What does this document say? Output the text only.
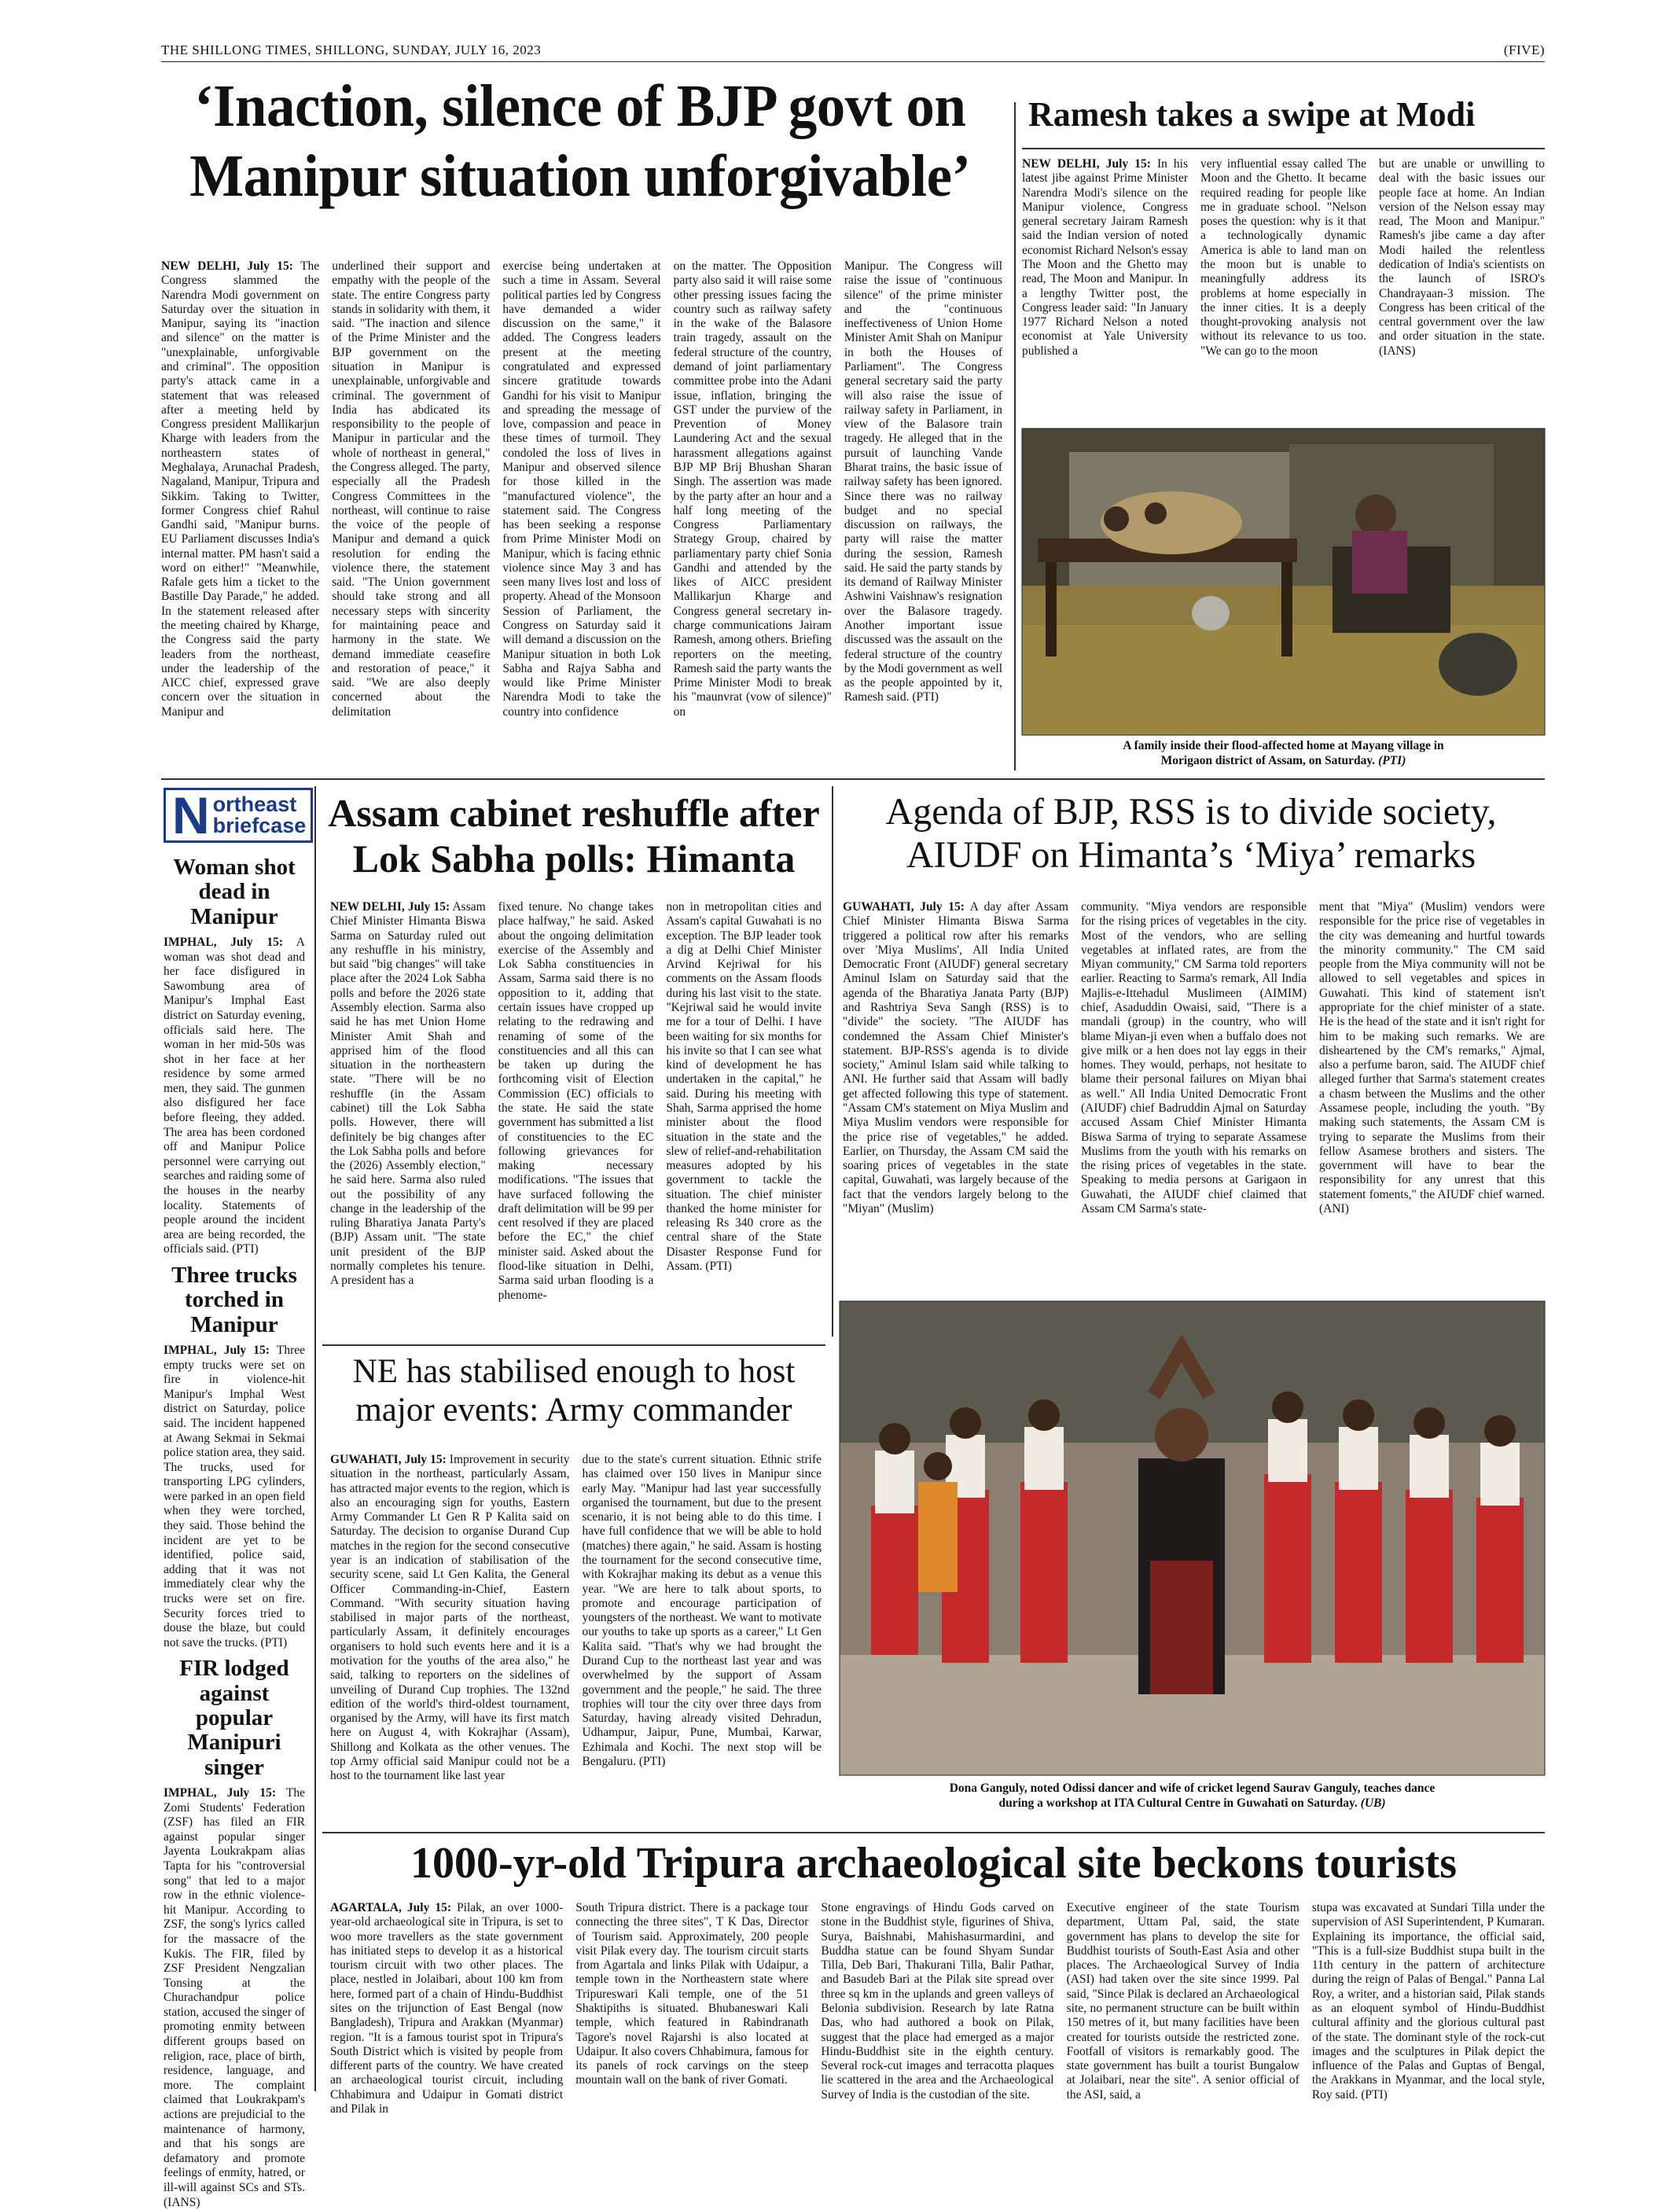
THE SHILLONG TIMES, SHILLONG, SUNDAY, JULY 16, 2023	(FIVE)
‘Inaction, silence of BJP govt on
Manipur situation unforgivable’

NEW DELHI, July 15: The Congress slammed the Narendra Modi government on Saturday over the situation in Manipur, saying its "inaction and silence" on the matter is "unexplainable, unforgivable and criminal". The opposition party's attack came in a statement that was released after a meeting held by Congress president Mallikarjun Kharge with leaders from the northeastern states of Meghalaya, Arunachal Pradesh, Nagaland, Manipur, Tripura and Sikkim. Taking to Twitter, former Congress chief Rahul Gandhi said, "Manipur burns. EU Parliament discusses India's internal matter. PM hasn't said a word on either!" "Meanwhile, Rafale gets him a ticket to the Bastille Day Parade," he added. In the statement released after the meeting chaired by Kharge, the Congress said the party leaders from the northeast, under the leadership of the AICC chief, expressed grave concern over the situation in Manipur and

underlined their support and empathy with the people of the state. The entire Congress party stands in solidarity with them, it said. "The inaction and silence of the Prime Minister and the BJP government on the situation in Manipur is unexplainable, unforgivable and criminal. The government of India has abdicated its responsibility to the people of Manipur in particular and the whole of northeast in general," the Congress alleged. The party, especially all the Pradesh Congress Committees in the northeast, will continue to raise the voice of the people of Manipur and demand a quick resolution for ending the violence there, the statement said. "The Union government should take strong and all necessary steps with sincerity for maintaining peace and harmony in the state. We demand immediate ceasefire and restoration of peace," it said. "We are also deeply concerned about the delimitation

exercise being undertaken at such a time in Assam. Several political parties led by Congress have demanded a wider discussion on the same," it added. The Congress leaders present at the meeting congratulated and expressed sincere gratitude towards Gandhi for his visit to Manipur and spreading the message of love, compassion and peace in these times of turmoil. They condoled the loss of lives in Manipur and observed silence for those killed in the "manufactured violence", the statement said. The Congress has been seeking a response from Prime Minister Modi on Manipur, which is facing ethnic violence since May 3 and has seen many lives lost and loss of property. Ahead of the Monsoon Session of Parliament, the Congress on Saturday said it will demand a discussion on the Manipur situation in both Lok Sabha and Rajya Sabha and would like Prime Minister Narendra Modi to take the country into confidence

on the matter. The Opposition party also said it will raise some other pressing issues facing the country such as railway safety in the wake of the Balasore train tragedy, assault on the federal structure of the country, demand of joint parliamentary committee probe into the Adani issue, inflation, bringing the GST under the purview of the Prevention of Money Laundering Act and the sexual harassment allegations against BJP MP Brij Bhushan Sharan Singh. The assertion was made by the party after an hour and a half long meeting of the Congress Parliamentary Strategy Group, chaired by parliamentary party chief Sonia Gandhi and attended by the likes of AICC president Mallikarjun Kharge and Congress general secretary in-charge communications Jairam Ramesh, among others. Briefing reporters on the meeting, Ramesh said the party wants the Prime Minister Modi to break his "maunvrat (vow of silence)" on

Manipur. The Congress will raise the issue of "continuous silence" of the prime minister and the "continuous ineffectiveness of Union Home Minister Amit Shah on Manipur in both the Houses of Parliament". The Congress general secretary said the party will also raise the issue of railway safety in Parliament, in view of the Balasore train tragedy. He alleged that in the pursuit of launching Vande Bharat trains, the basic issue of railway safety has been ignored. Since there was no railway budget and no special discussion on railways, the party will raise the matter during the session, Ramesh said. He said the party stands by its demand of Railway Minister Ashwini Vaishnaw's resignation over the Balasore tragedy. Another important issue discussed was the assault on the federal structure of the country by the Modi government as well as the people appointed by it, Ramesh said. (PTI)

Ramesh takes a swipe at Modi

NEW DELHI, July 15: In his latest jibe against Prime Minister Narendra Modi's silence on the Manipur violence, Congress general secretary Jairam Ramesh said the Indian version of noted economist Richard Nelson's essay The Moon and the Ghetto may read, The Moon and Manipur. In a lengthy Twitter post, the Congress leader said: "In January 1977 Richard Nelson a noted economist at Yale University published a

very influential essay called The Moon and the Ghetto. It became required reading for people like me in graduate school. "Nelson poses the question: why is it that a technologically dynamic America is able to land man on the moon but is unable to meaningfully address its problems at home especially in the inner cities. It is a deeply thought-provoking analysis not without its relevance to us too. "We can go to the moon

but are unable or unwilling to deal with the basic issues our people face at home. An Indian version of the Nelson essay may read, The Moon and Manipur." Ramesh's jibe came a day after Modi hailed the relentless dedication of India's scientists on the launch of ISRO's Chandrayaan-3 mission. The Congress has been critical of the central government over the law and order situation in the state. (IANS)

A family inside their flood-affected home at Mayang village in
Morigaon district of Assam, on Saturday. (PTI)
N ortheast
briefcase
Woman shot dead in Manipur

IMPHAL, July 15: A woman was shot dead and her face disfigured in Sawombung area of Manipur's Imphal East district on Saturday evening, officials said here. The woman in her mid-50s was shot in her face at her residence by some armed men, they said. The gunmen also disfigured her face before fleeing, they added. The area has been cordoned off and Manipur Police personnel were carrying out searches and raiding some of the houses in the nearby locality. Statements of people around the incident area are being recorded, the officials said. (PTI)

Three trucks torched in Manipur

IMPHAL, July 15: Three empty trucks were set on fire in violence-hit Manipur's Imphal West district on Saturday, police said. The incident happened at Awang Sekmai in Sekmai police station area, they said. The trucks, used for transporting LPG cylinders, were parked in an open field when they were torched, they said. Those behind the incident are yet to be identified, police said, adding that it was not immediately clear why the trucks were set on fire. Security forces tried to douse the blaze, but could not save the trucks. (PTI)

FIR lodged against popular Manipuri singer

IMPHAL, July 15: The Zomi Students' Federation (ZSF) has filed an FIR against popular singer Jayenta Loukrakpam alias Tapta for his "controversial song" that led to a major row in the ethnic violence-hit Manipur. According to ZSF, the song's lyrics called for the massacre of the Kukis. The FIR, filed by ZSF President Nengzalian Tonsing at the Churachandpur police station, accused the singer of promoting enmity between different groups based on religion, race, place of birth, residence, language, and more. The complaint claimed that Loukrakpam's actions are prejudicial to the maintenance of harmony, and that his songs are defamatory and promote feelings of enmity, hatred, or ill-will against SCs and STs. (IANS)

Assam cabinet reshuffle after
Lok Sabha polls: Himanta

NEW DELHI, July 15: Assam Chief Minister Himanta Biswa Sarma on Saturday ruled out any reshuffle in his ministry, but said "big changes" will take place after the 2024 Lok Sabha polls and before the 2026 state Assembly election. Sarma also said he has met Union Home Minister Amit Shah and apprised him of the flood situation in the northeastern state. "There will be no reshuffle (in the Assam cabinet) till the Lok Sabha polls. However, there will definitely be big changes after the Lok Sabha polls and before the (2026) Assembly election," he said here. Sarma also ruled out the possibility of any change in the leadership of the ruling Bharatiya Janata Party's (BJP) Assam unit. "The state unit president of the BJP normally completes his tenure. A president has a

fixed tenure. No change takes place halfway," he said. Asked about the ongoing delimitation exercise of the Assembly and Lok Sabha constituencies in Assam, Sarma said there is no opposition to it, adding that certain issues have cropped up relating to the redrawing and renaming of some of the constituencies and all this can be taken up during the forthcoming visit of Election Commission (EC) officials to the state. He said the state government has submitted a list of constituencies to the EC following grievances for making necessary modifications. "The issues that have surfaced following the draft delimitation will be 99 per cent resolved if they are placed before the EC," the chief minister said. Asked about the flood-like situation in Delhi, Sarma said urban flooding is a phenome-

non in metropolitan cities and Assam's capital Guwahati is no exception. The BJP leader took a dig at Delhi Chief Minister Arvind Kejriwal for his comments on the Assam floods during his last visit to the state. "Kejriwal said he would invite me for a tour of Delhi. I have been waiting for six months for his invite so that I can see what kind of development he has undertaken in the capital," he said. During his meeting with Shah, Sarma apprised the home minister about the flood situation in the state and the slew of relief-and-rehabilitation measures adopted by his government to tackle the situation. The chief minister thanked the home minister for releasing Rs 340 crore as the central share of the State Disaster Response Fund for Assam. (PTI)

Agenda of BJP, RSS is to divide society,
AIUDF on Himanta’s ‘Miya’ remarks

GUWAHATI, July 15: A day after Assam Chief Minister Himanta Biswa Sarma triggered a political row after his remarks over 'Miya Muslims', All India United Democratic Front (AIUDF) general secretary Aminul Islam on Saturday said that the agenda of the Bharatiya Janata Party (BJP) and Rashtriya Seva Sangh (RSS) is to "divide" the society. "The AIUDF has condemned the Assam Chief Minister's statement. BJP-RSS's agenda is to divide society," Aminul Islam said while talking to ANI. He further said that Assam will badly get affected following this type of statement. "Assam CM's statement on Miya Muslim and Miya Muslim vendors were responsible for the price rise of vegetables," he added. Earlier, on Thursday, the Assam CM said the soaring prices of vegetables in the state capital, Guwahati, was largely because of the fact that the vendors largely belong to the "Miyan" (Muslim)

community. "Miya vendors are responsible for the rising prices of vegetables in the city. Most of the vendors, who are selling vegetables at inflated rates, are from the Miyan community," CM Sarma told reporters earlier. Reacting to Sarma's remark, All India Majlis-e-Ittehadul Muslimeen (AIMIM) chief, Asaduddin Owaisi, said, "There is a mandali (group) in the country, who will blame Miyan-ji even when a buffalo does not give milk or a hen does not lay eggs in their homes. They would, perhaps, not hesitate to blame their personal failures on Miyan bhai as well." All India United Democratic Front (AIUDF) chief Badruddin Ajmal on Saturday accused Assam Chief Minister Himanta Biswa Sarma of trying to separate Assamese Muslims from the youth with his remarks on the rising prices of vegetables in the state. Speaking to media persons at Garigaon in Guwahati, the AIUDF chief claimed that Assam CM Sarma's state-

ment that "Miya" (Muslim) vendors were responsible for the price rise of vegetables in the city was demeaning and hurtful towards the minority community." The CM said people from the Miya community will not be allowed to sell vegetables and spices in Guwahati. This kind of statement isn't appropriate for the chief minister of a state. He is the head of the state and it isn't right for him to be making such remarks. We are disheartened by the CM's remarks," Ajmal, also a perfume baron, said. The AIUDF chief alleged further that Sarma's statement creates a chasm between the Muslims and the other Assamese people, including the youth. "By making such statements, the Assam CM is trying to separate the Muslims from their fellow Asamese brothers and sisters. The government will have to bear the responsibility for any unrest that this statement foments," the AIUDF chief warned. (ANI)

NE has stabilised enough to host
major events: Army commander

GUWAHATI, July 15: Improvement in security situation in the northeast, particularly Assam, has attracted major events to the region, which is also an encouraging sign for youths, Eastern Army Commander Lt Gen R P Kalita said on Saturday. The decision to organise Durand Cup matches in the region for the second consecutive year is an indication of stabilisation of the security scene, said Lt Gen Kalita, the General Officer Commanding-in-Chief, Eastern Command. "With security situation having stabilised in major parts of the northeast, particularly Assam, it definitely encourages organisers to hold such events here and it is a motivation for the youths of the area also," he said, talking to reporters on the sidelines of unveiling of Durand Cup trophies. The 132nd edition of the world's third-oldest tournament, organised by the Army, will have its first match here on August 4, with Kokrajhar (Assam), Shillong and Kolkata as the other venues. The top Army official said Manipur could not be a host to the tournament like last year

due to the state's current situation. Ethnic strife has claimed over 150 lives in Manipur since early May. "Manipur had last year successfully organised the tournament, but due to the present scenario, it is not being able to do this time. I have full confidence that we will be able to hold (matches) there again," he said. Assam is hosting the tournament for the second consecutive time, with Kokrajhar making its debut as a venue this year. "We are here to talk about sports, to promote and encourage participation of youngsters of the northeast. We want to motivate our youths to take up sports as a career," Lt Gen Kalita said. "That's why we had brought the Durand Cup to the northeast last year and was overwhelmed by the support of Assam government and the people," he said. The three trophies will tour the city over three days from Saturday, having already visited Dehradun, Udhampur, Jaipur, Pune, Mumbai, Karwar, Ezhimala and Kochi. The next stop will be Bengaluru. (PTI)

Dona Ganguly, noted Odissi dancer and wife of cricket legend Saurav Ganguly, teaches dance
during a workshop at ITA Cultural Centre in Guwahati on Saturday. (UB)
1000-yr-old Tripura archaeological site beckons tourists

AGARTALA, July 15: Pilak, an over 1000-year-old archaeological site in Tripura, is set to woo more travellers as the state government has initiated steps to develop it as a historical tourism circuit with two other places. The place, nestled in Jolaibari, about 100 km from here, formed part of a chain of Hindu-Buddhist sites on the trijunction of East Bengal (now Bangladesh), Tripura and Arakkan (Myanmar) region. "It is a famous tourist spot in Tripura's South District which is visited by people from different parts of the country. We have created an archaeological tourist circuit, including Chhabimura and Udaipur in Gomati district and Pilak in

South Tripura district. There is a package tour connecting the three sites", T K Das, Director of Tourism said. Approximately, 200 people visit Pilak every day. The tourism circuit starts from Agartala and links Pilak with Udaipur, a temple town in the Northeastern state where Tripureswari Kali temple, one of the 51 Shaktipiths is situated. Bhubaneswari Kali temple, which featured in Rabindranath Tagore's novel Rajarshi is also located at Udaipur. It also covers Chhabimura, famous for its panels of rock carvings on the steep mountain wall on the bank of river Gomati.

Stone engravings of Hindu Gods carved on stone in the Buddhist style, figurines of Shiva, Surya, Baishnabi, Mahishasurmardini, and Buddha statue can be found Shyam Sundar Tilla, Deb Bari, Thakurani Tilla, Balir Pathar, and Basudeb Bari at the Pilak site spread over three sq km in the uplands and green valleys of Belonia subdivision. Research by late Ratna Das, who had authored a book on Pilak, suggest that the place had emerged as a major Hindu-Buddhist site in the eighth century. Several rock-cut images and terracotta plaques lie scattered in the area and the Archaeological Survey of India is the custodian of the site.

Executive engineer of the state Tourism department, Uttam Pal, said, the state government has plans to develop the site for Buddhist tourists of South-East Asia and other places. The Archaeological Survey of India (ASI) had taken over the site since 1999. Pal said, "Since Pilak is declared an Archaeological site, no permanent structure can be built within 150 metres of it, but many facilities have been created for tourists outside the restricted zone. Footfall of visitors is remarkably good. The state government has built a tourist Bungalow at Jolaibari, near the site". A senior official of the ASI, said, a

stupa was excavated at Sundari Tilla under the supervision of ASI Superintendent, P Kumaran. Explaining its importance, the official said, "This is a full-size Buddhist stupa built in the 11th century in the pattern of architecture during the reign of Palas of Bengal." Panna Lal Roy, a writer, and a historian said, Pilak stands as an eloquent symbol of Hindu-Buddhist cultural affinity and the glorious cultural past of the state. The dominant style of the rock-cut images and the sculptures in Pilak depict the influence of the Palas and Guptas of Bengal, the Arakkans in Myanmar, and the local style, Roy said. (PTI)
